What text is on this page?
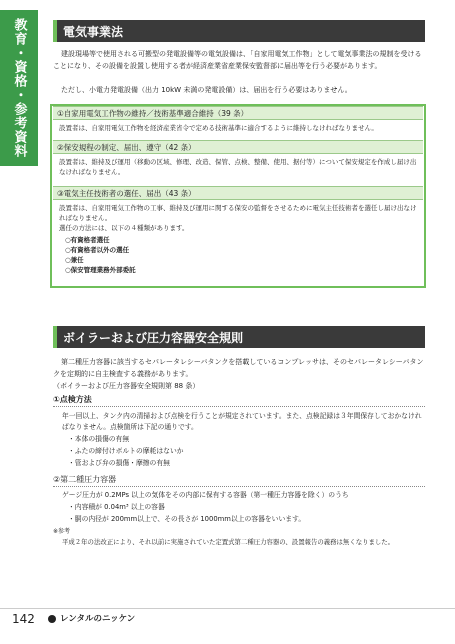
教育・資格・参考資料	電気事業法
建設現場等で使用される可搬型の発電設備等の電気設備は、「自家用電気工作物」として電気事業法の規制を受けることになり、その設備を設置し使用する者が経済産業省産業保安監督部に届出等を行う必要があります。
ただし、小電力発電設備（出力 10kW 未満の発電設備）は、届出を行う必要はありません。
①自家用電気工作物の維持／技術基準適合維持（39 条）
設置者は、自家用電気工作物を経済産業省令で定める技術基準に適合するように維持しなければなりません。
②保安規程の制定、届出、遵守（42 条）
設置者は、維持及び運用（移動の区域、修理、改造、保管、点検、整備、使用、据付等）について保安規定を作成し届け出なければなりません。
③電気主任技術者の選任、届出（43 条）
設置者は、自家用電気工作物の工事、維持及び運用に関する保安の監督をさせるために電気主任技術者を選任し届け出なければなりません。
選任の方法には、以下の４種類があります。
○有資格者選任
○有資格者以外の選任
○兼任
○保安管理業務外部委託
ボイラーおよび圧力容器安全規則
第二種圧力容器に該当するセパレータレシーバタンクを搭載しているコンプレッサは、そのセパレータレシーバタンクを定期的に自主検査する義務があります。
（ボイラーおよび圧力容器安全規則第 88 条）
①点検方法
年一回以上、タンク内の清掃および点検を行うことが規定されています。また、点検記録は３年間保存しておかなければなりません。点検箇所は下記の通りです。
・本体の損傷の有無
・ふたの締付けボルトの摩耗はないか
・管および弁の損傷・摩擦の有無
②第二種圧力容器
ゲージ圧力が 0.2MPs 以上の気体をその内部に保有する容器（第一種圧力容器を除く）のうち
・内容積が 0.04m³ 以上の容器
・胴の内径が 200mm以上で、その長さが 1000mm以上の容器をいいます。
※参考
平成２年の法改正により、それ以前に実施されていた定置式第二種圧力容器の、設置報告の義務は無くなりました。
142	レンタルのニッケン
